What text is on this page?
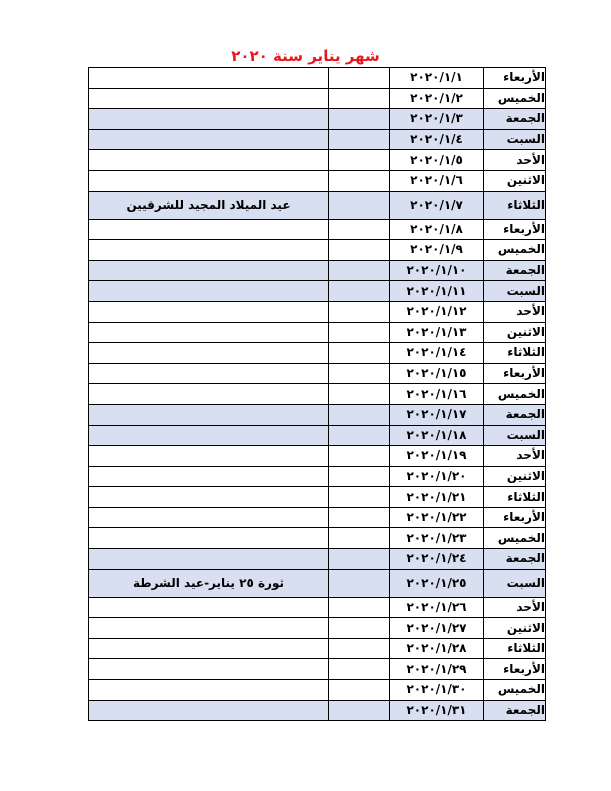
شهر يناير سنة ٢٠٢٠
		٢٠٢٠/١/١	الأربعاء
		٢٠٢٠/١/٢	الخميس
		٢٠٢٠/١/٣	الجمعة
		٢٠٢٠/١/٤	السبت
		٢٠٢٠/١/٥	الأحد
		٢٠٢٠/١/٦	الاثنين
عيد الميلاد المجيد للشرقيين		٢٠٢٠/١/٧	الثلاثاء
		٢٠٢٠/١/٨	الأربعاء
		٢٠٢٠/١/٩	الخميس
		٢٠٢٠/١/١٠	الجمعة
		٢٠٢٠/١/١١	السبت
		٢٠٢٠/١/١٢	الأحد
		٢٠٢٠/١/١٣	الاثنين
		٢٠٢٠/١/١٤	الثلاثاء
		٢٠٢٠/١/١٥	الأربعاء
		٢٠٢٠/١/١٦	الخميس
		٢٠٢٠/١/١٧	الجمعة
		٢٠٢٠/١/١٨	السبت
		٢٠٢٠/١/١٩	الأحد
		٢٠٢٠/١/٢٠	الاثنين
		٢٠٢٠/١/٢١	الثلاثاء
		٢٠٢٠/١/٢٢	الأربعاء
		٢٠٢٠/١/٢٣	الخميس
		٢٠٢٠/١/٢٤	الجمعة
ثورة ٢٥ يناير-عيد الشرطة		٢٠٢٠/١/٢٥	السبت
		٢٠٢٠/١/٢٦	الأحد
		٢٠٢٠/١/٢٧	الاثنين
		٢٠٢٠/١/٢٨	الثلاثاء
		٢٠٢٠/١/٢٩	الأربعاء
		٢٠٢٠/١/٣٠	الخميس
		٢٠٢٠/١/٣١	الجمعة
